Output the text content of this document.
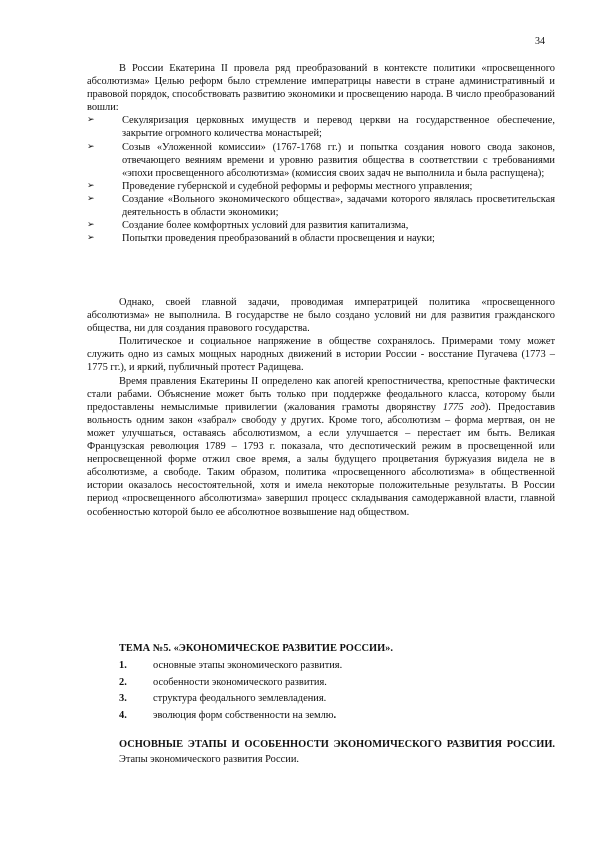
34

В России Екатерина II провела ряд преобразований в контексте политики «просвещенного абсолютизма» Целью реформ было стремление императрицы навести в стране административный и правовой порядок, способствовать развитию экономики и просвещению народа. В число преобразований вошли:

➢	Секуляризация церковных имуществ и перевод церкви на государственное обеспечение, закрытие огромного количества монастырей;

➢	Созыв «Уложенной комиссии» (1767-1768 гг.) и попытка создания нового свода законов, отвечающего веяниям времени и уровню развития общества в соответствии с требованиями «эпохи просвещенного абсолютизма» (комиссия своих задач не выполнила и была распущена);

➢	Проведение губернской и судебной реформы и реформы местного управления;

➢	Создание «Вольного экономического общества», задачами которого являлась просветительская деятельность в области экономики;

➢	Создание более комфортных условий для развития капитализма,

➢	Попытки проведения преобразований в области просвещения и науки;

Однако, своей главной задачи, проводимая императрицей политика «просвещенного абсолютизма» не выполнила. В государстве не было создано условий ни для развития гражданского общества, ни для создания правового государства.

Политическое и социальное напряжение в обществе сохранялось. Примерами тому может служить одно из самых мощных народных движений в истории России - восстание Пугачева (1773 – 1775 гг.), и яркий, публичный протест Радищева.

Время правления Екатерины II определено как апогей крепостничества, крепостные фактически стали рабами. Объяснение может быть только при поддержке феодального класса, которому были предоставлены немыслимые привилегии (жалования грамоты дворянству 1775 год). Предоставив вольность одним закон «забрал» свободу у других. Кроме того, абсолютизм – форма мертвая, он не может улучшаться, оставаясь абсолютизмом, а если улучшается – перестает им быть. Великая Французская революция 1789 – 1793 г. показала, что деспотический режим в просвещенной или непросвещенной форме отжил свое время, а залы будущего процветания буржуазия видела не в абсолютизме, а свободе. Таким образом, политика «просвещенного абсолютизма» в общественной истории оказалось несостоятельной, хотя и имела некоторые положительные результаты. В России период «просвещенного абсолютизма» завершил процесс складывания самодержавной власти, главной особенностью которой было ее абсолютное возвышение над обществом.

ТЕМА №5. «ЭКОНОМИЧЕСКОЕ РАЗВИТИЕ РОССИИ».

1.	основные этапы экономического развития.

2.	особенности экономического развития.

3.	структура феодального землевладения.

4.	эволюция форм собственности на землю.

ОСНОВНЫЕ ЭТАПЫ И ОСОБЕННОСТИ ЭКОНОМИЧЕСКОГО РАЗВИТИЯ РОССИИ.

Этапы экономического развития России.
